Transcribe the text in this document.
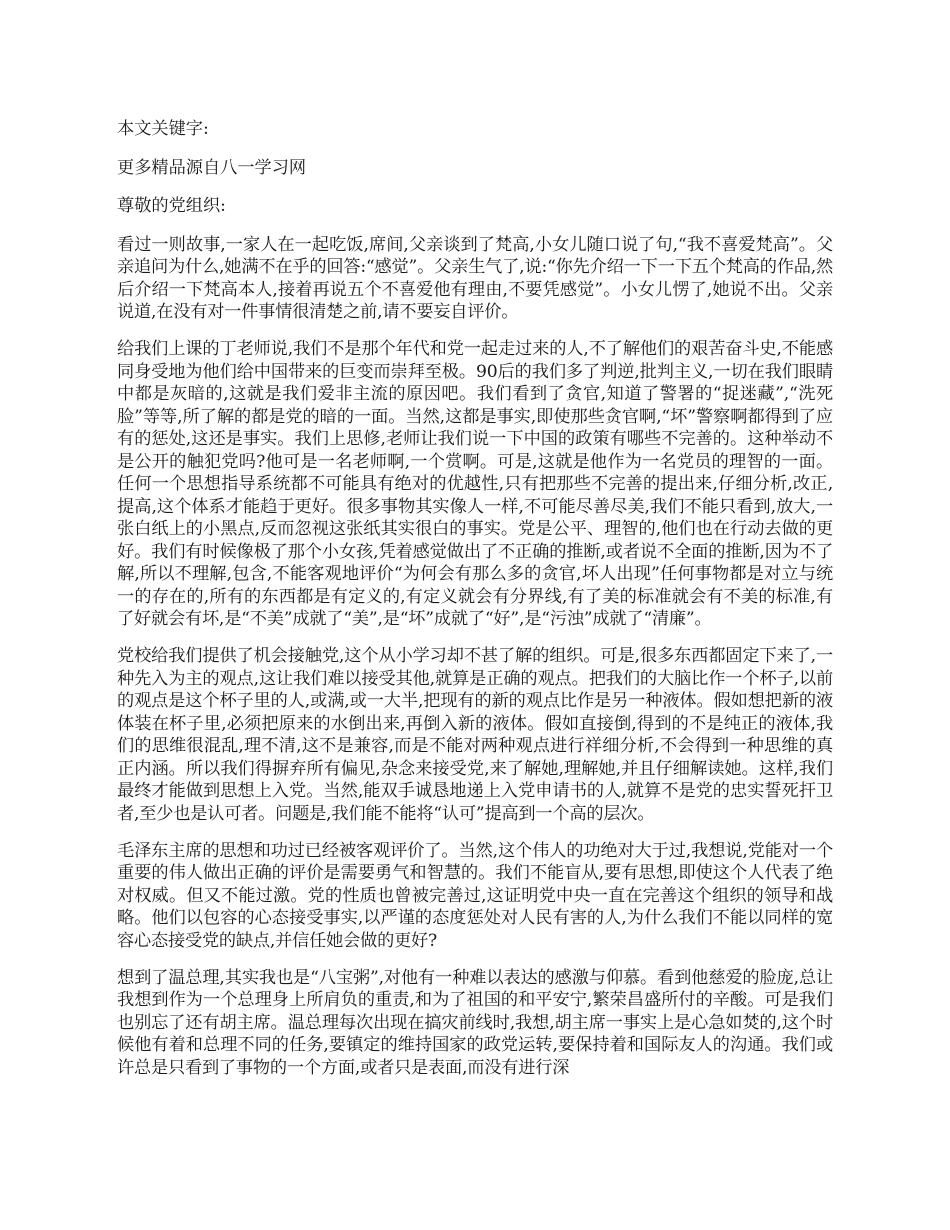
本文关键字:

更多精品源自八一学习网

尊敬的党组织:

看过一则故事,一家人在一起吃饭,席间,父亲谈到了梵高,小女儿随口说了句,“我不喜爱梵高”。父亲追问为什么,她满不在乎的回答:“感觉”。父亲生气了,说:“你先介绍一下一下五个梵高的作品,然后介绍一下梵高本人,接着再说五个不喜爱他有理由,不要凭感觉”。小女儿愣了,她说不出。父亲说道,在没有对一件事情很清楚之前,请不要妄自评价。

给我们上课的丁老师说,我们不是那个年代和党一起走过来的人,不了解他们的艰苦奋斗史,不能感同身受地为他们给中国带来的巨变而崇拜至极。90后的我们多了判逆,批判主义,一切在我们眼睛中都是灰暗的,这就是我们爱非主流的原因吧。我们看到了贪官,知道了警署的“捉迷藏”,“洗死脸”等等,所了解的都是党的暗的一面。当然,这都是事实,即使那些贪官啊,“坏”警察啊都得到了应有的惩处,这还是事实。我们上思修,老师让我们说一下中国的政策有哪些不完善的。这种举动不是公开的触犯党吗?他可是一名老师啊,一个赏啊。可是,这就是他作为一名党员的理智的一面。任何一个思想指导系统都不可能具有绝对的优越性,只有把那些不完善的提出来,仔细分析,改正,提高,这个体系才能趋于更好。很多事物其实像人一样,不可能尽善尽美,我们不能只看到,放大,一张白纸上的小黑点,反而忽视这张纸其实很白的事实。党是公平、理智的,他们也在行动去做的更好。我们有时候像极了那个小女孩,凭着感觉做出了不正确的推断,或者说不全面的推断,因为不了解,所以不理解,包含,不能客观地评价“为何会有那么多的贪官,坏人出现”任何事物都是对立与统一的存在的,所有的东西都是有定义的,有定义就会有分界线,有了美的标准就会有不美的标准,有了好就会有坏,是“不美”成就了“美”,是“坏”成就了“好”,是“污浊”成就了“清廉”。

党校给我们提供了机会接触党,这个从小学习却不甚了解的组织。可是,很多东西都固定下来了,一种先入为主的观点,这让我们难以接受其他,就算是正确的观点。把我们的大脑比作一个杯子,以前的观点是这个杯子里的人,或满,或一大半,把现有的新的观点比作是另一种液体。假如想把新的液体装在杯子里,必须把原来的水倒出来,再倒入新的液体。假如直接倒,得到的不是纯正的液体,我们的思维很混乱,理不清,这不是兼容,而是不能对两种观点进行祥细分析,不会得到一种思维的真正内涵。所以我们得摒弃所有偏见,杂念来接受党,来了解她,理解她,并且仔细解读她。这样,我们最终才能做到思想上入党。当然,能双手诚恳地递上入党申请书的人,就算不是党的忠实誓死扞卫者,至少也是认可者。问题是,我们能不能将“认可”提高到一个高的层次。

毛泽东主席的思想和功过已经被客观评价了。当然,这个伟人的功绝对大于过,我想说,党能对一个重要的伟人做出正确的评价是需要勇气和智慧的。我们不能盲从,要有思想,即使这个人代表了绝对权威。但又不能过激。党的性质也曾被完善过,这证明党中央一直在完善这个组织的领导和战略。他们以包容的心态接受事实,以严谨的态度惩处对人民有害的人,为什么我们不能以同样的宽容心态接受党的缺点,并信任她会做的更好?

想到了温总理,其实我也是“八宝粥”,对他有一种难以表达的感激与仰慕。看到他慈爱的脸庞,总让我想到作为一个总理身上所肩负的重责,和为了祖国的和平安宁,繁荣昌盛所付的辛酸。可是我们也别忘了还有胡主席。温总理每次出现在搞灾前线时,我想,胡主席一事实上是心急如焚的,这个时候他有着和总理不同的任务,要镇定的维持国家的政党运转,要保持着和国际友人的沟通。我们或许总是只看到了事物的一个方面,或者只是表面,而没有进行深
